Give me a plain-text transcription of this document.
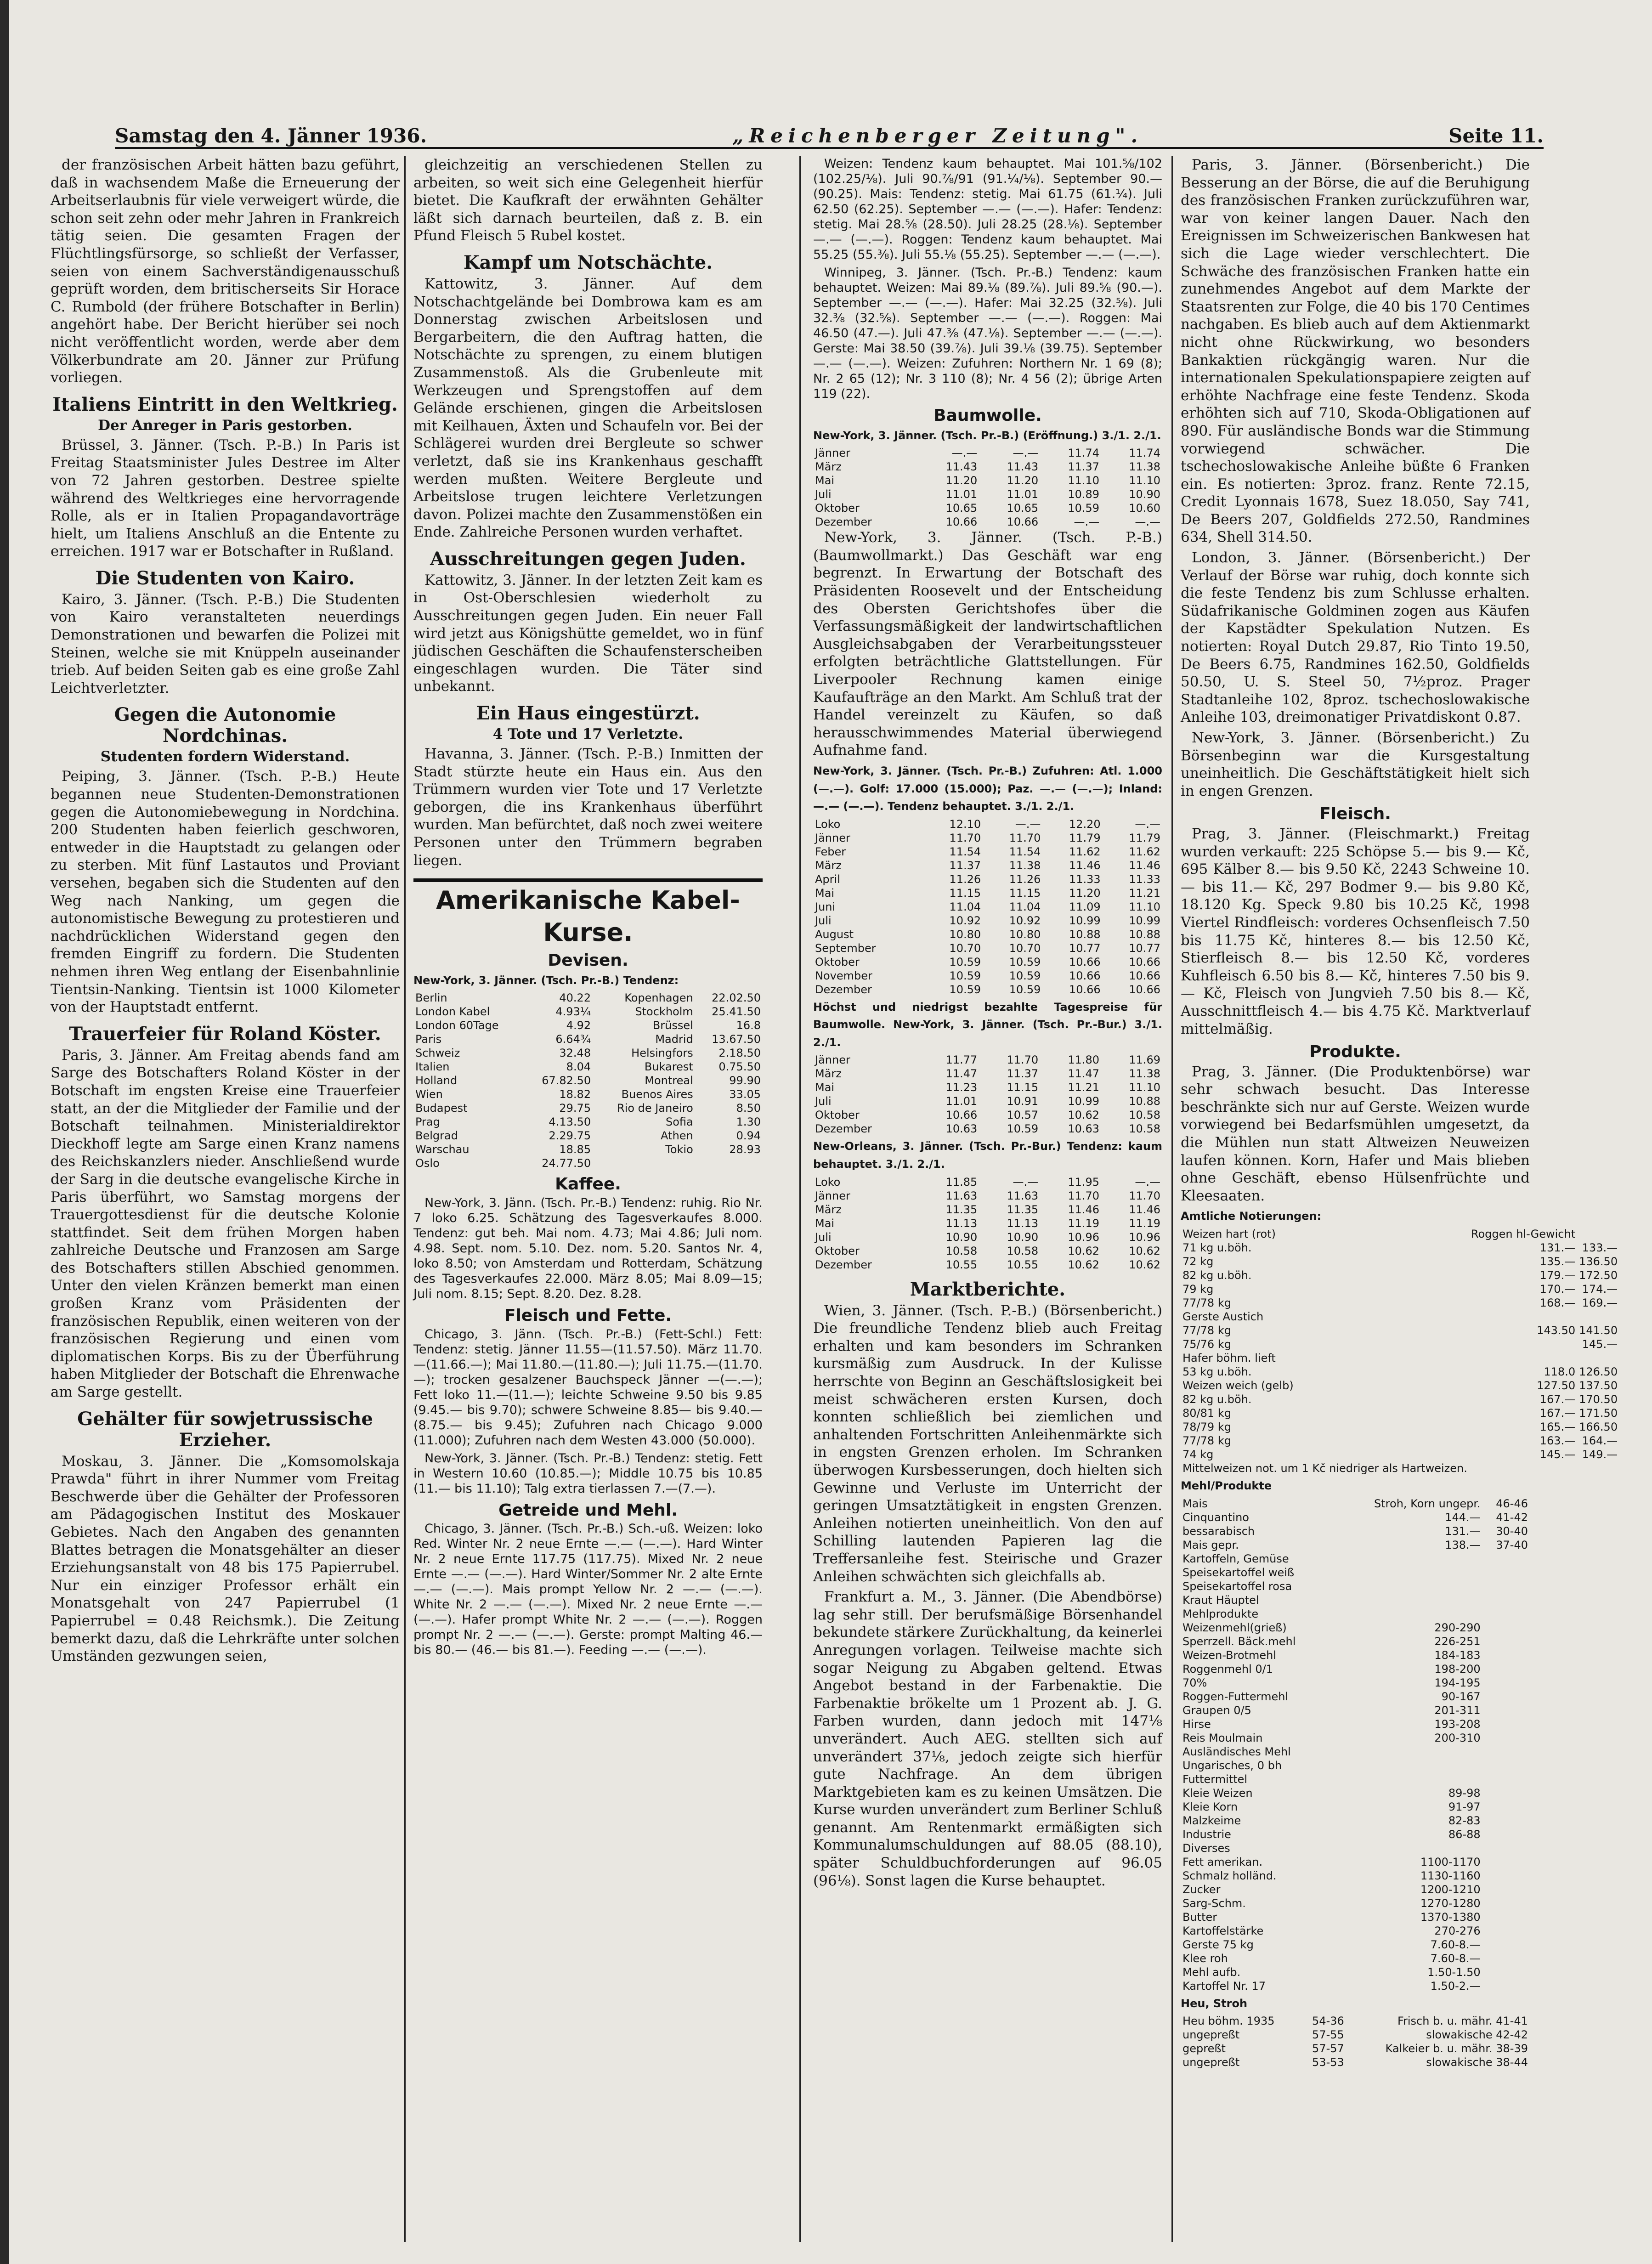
Samstag den 4. Jänner 1936.	„Reichenberger Zeitung".	Seite 11.

der französischen Arbeit hätten bazu geführt, daß in wachsendem Maße die Erneuerung der Arbeitserlaubnis für viele verweigert würde, die schon seit zehn oder mehr Jahren in Frankreich tätig seien. Die gesamten Fragen der Flüchtlingsfürsorge, so schließt der Verfasser, seien von einem Sachverständigenausschuß geprüft worden, dem britischerseits Sir Horace C. Rumbold (der frühere Botschafter in Berlin) angehört habe. Der Bericht hierüber sei noch nicht veröffentlicht worden, werde aber dem Völkerbundrate am 20. Jänner zur Prüfung vorliegen.

Italiens Eintritt in den Weltkrieg.
Der Anreger in Paris gestorben.

Brüssel, 3. Jänner. (Tsch. P.-B.) In Paris ist Freitag Staatsminister Jules Destree im Alter von 72 Jahren gestorben. Destree spielte während des Weltkrieges eine hervorragende Rolle, als er in Italien Propagandavorträge hielt, um Italiens Anschluß an die Entente zu erreichen. 1917 war er Botschafter in Rußland.

Die Studenten von Kairo.

Kairo, 3. Jänner. (Tsch. P.-B.) Die Studenten von Kairo veranstalteten neuerdings Demonstrationen und bewarfen die Polizei mit Steinen, welche sie mit Knüppeln auseinander trieb. Auf beiden Seiten gab es eine große Zahl Leichtverletzter.

Gegen die Autonomie Nordchinas.
Studenten fordern Widerstand.

Peiping, 3. Jänner. (Tsch. P.-B.) Heute begannen neue Studenten-Demonstrationen gegen die Autonomiebewegung in Nordchina. 200 Studenten haben feierlich geschworen, entweder in die Hauptstadt zu gelangen oder zu sterben. Mit fünf Lastautos und Proviant versehen, begaben sich die Studenten auf den Weg nach Nanking, um gegen die autonomistische Bewegung zu protestieren und nachdrücklichen Widerstand gegen den fremden Eingriff zu fordern. Die Studenten nehmen ihren Weg entlang der Eisenbahnlinie Tientsin-Nanking. Tientsin ist 1000 Kilometer von der Hauptstadt entfernt.

Trauerfeier für Roland Köster.

Paris, 3. Jänner. Am Freitag abends fand am Sarge des Botschafters Roland Köster in der Botschaft im engsten Kreise eine Trauerfeier statt, an der die Mitglieder der Familie und der Botschaft teilnahmen. Ministerialdirektor Dieckhoff legte am Sarge einen Kranz namens des Reichskanzlers nieder. Anschließend wurde der Sarg in die deutsche evangelische Kirche in Paris überführt, wo Samstag morgens der Trauergottesdienst für die deutsche Kolonie stattfindet. Seit dem frühen Morgen haben zahlreiche Deutsche und Franzosen am Sarge des Botschafters stillen Abschied genommen. Unter den vielen Kränzen bemerkt man einen großen Kranz vom Präsidenten der französischen Republik, einen weiteren von der französischen Regierung und einen vom diplomatischen Korps. Bis zu der Überführung haben Mitglieder der Botschaft die Ehrenwache am Sarge gestellt.

Gehälter für sowjetrussische Erzieher.

Moskau, 3. Jänner. Die „Komsomolskaja Prawda" führt in ihrer Nummer vom Freitag Beschwerde über die Gehälter der Professoren am Pädagogischen Institut des Moskauer Gebietes. Nach den Angaben des genannten Blattes betragen die Monatsgehälter an dieser Erziehungsanstalt von 48 bis 175 Papierrubel. Nur ein einziger Professor erhält ein Monatsgehalt von 247 Papierrubel (1 Papierrubel = 0.48 Reichsmk.). Die Zeitung bemerkt dazu, daß die Lehrkräfte unter solchen Umständen gezwungen seien,

gleichzeitig an verschiedenen Stellen zu arbeiten, so weit sich eine Gelegenheit hierfür bietet. Die Kaufkraft der erwähnten Gehälter läßt sich darnach beurteilen, daß z. B. ein Pfund Fleisch 5 Rubel kostet.

Kampf um Notschächte.

Kattowitz, 3. Jänner. Auf dem Notschachtgelände bei Dombrowa kam es am Donnerstag zwischen Arbeitslosen und Bergarbeitern, die den Auftrag hatten, die Notschächte zu sprengen, zu einem blutigen Zusammenstoß. Als die Grubenleute mit Werkzeugen und Sprengstoffen auf dem Gelände erschienen, gingen die Arbeitslosen mit Keilhauen, Äxten und Schaufeln vor. Bei der Schlägerei wurden drei Bergleute so schwer verletzt, daß sie ins Krankenhaus geschafft werden mußten. Weitere Bergleute und Arbeitslose trugen leichtere Verletzungen davon. Polizei machte den Zusammenstößen ein Ende. Zahlreiche Personen wurden verhaftet.

Ausschreitungen gegen Juden.

Kattowitz, 3. Jänner. In der letzten Zeit kam es in Ost-Oberschlesien wiederholt zu Ausschreitungen gegen Juden. Ein neuer Fall wird jetzt aus Königshütte gemeldet, wo in fünf jüdischen Geschäften die Schaufensterscheiben eingeschlagen wurden. Die Täter sind unbekannt.

Ein Haus eingestürzt.
4 Tote und 17 Verletzte.

Havanna, 3. Jänner. (Tsch. P.-B.) Inmitten der Stadt stürzte heute ein Haus ein. Aus den Trümmern wurden vier Tote und 17 Verletzte geborgen, die ins Krankenhaus überführt wurden. Man befürchtet, daß noch zwei weitere Personen unter den Trümmern begraben liegen.

Amerikanische Kabel-
Kurse.
Devisen.
New-York, 3. Jänner. (Tsch. Pr.-B.) Tendenz:
Berlin	40.22	Kopenhagen	22.02.50
London Kabel	4.93¼	Stockholm	25.41.50
London 60Tage	4.92	Brüssel	16.8
Paris	6.64¾	Madrid	13.67.50
Schweiz	32.48	Helsingfors	2.18.50
Italien	8.04	Bukarest	0.75.50
Holland	67.82.50	Montreal	99.90
Wien	18.82	Buenos Aires	33.05
Budapest	29.75	Rio de Janeiro	8.50
Prag	4.13.50	Sofia	1.30
Belgrad	2.29.75	Athen	0.94
Warschau	18.85	Tokio	28.93
Oslo	24.77.50		
Kaffee.

New-York, 3. Jänn. (Tsch. Pr.-B.) Tendenz: ruhig. Rio Nr. 7 loko 6.25. Schätzung des Tagesverkaufes 8.000. Tendenz: gut beh. Mai nom. 4.73; Mai 4.86; Juli nom. 4.98. Sept. nom. 5.10. Dez. nom. 5.20. Santos Nr. 4, loko 8.50; von Amsterdam und Rotterdam, Schätzung des Tagesverkaufes 22.000. März 8.05; Mai 8.09—15; Juli nom. 8.15; Sept. 8.20. Dez. 8.28.

Fleisch und Fette.

Chicago, 3. Jänn. (Tsch. Pr.-B.) (Fett-Schl.) Fett: Tendenz: stetig. Jänner 11.55—(11.57.50). März 11.70.—(11.66.—); Mai 11.80.—(11.80.—); Juli 11.75.—(11.70.—); trocken gesalzener Bauchspeck Jänner —(—.—); Fett loko 11.—(11.—); leichte Schweine 9.50 bis 9.85 (9.45.— bis 9.70); schwere Schweine 8.85— bis 9.40.—(8.75.— bis 9.45); Zufuhren nach Chicago 9.000 (11.000); Zufuhren nach dem Westen 43.000 (50.000).

New-York, 3. Jänner. (Tsch. Pr.-B.) Tendenz: stetig. Fett in Western 10.60 (10.85.—); Middle 10.75 bis 10.85 (11.— bis 11.10); Talg extra tierlassen 7.—(7.—).

Getreide und Mehl.

Chicago, 3. Jänner. (Tsch. Pr.-B.) Sch.-uß. Weizen: loko Red. Winter Nr. 2 neue Ernte —.— (—.—). Hard Winter Nr. 2 neue Ernte 117.75 (117.75). Mixed Nr. 2 neue Ernte —.— (—.—). Hard Winter/Sommer Nr. 2 alte Ernte —.— (—.—). Mais prompt Yellow Nr. 2 —.— (—.—). White Nr. 2 —.— (—.—). Mixed Nr. 2 neue Ernte —.— (—.—). Hafer prompt White Nr. 2 —.— (—.—). Roggen prompt Nr. 2 —.— (—.—). Gerste: prompt Malting 46.— bis 80.— (46.— bis 81.—). Feeding —.— (—.—).

Weizen: Tendenz kaum behauptet. Mai 101.⅝/102 (102.25/⅛). Juli 90.⅞/91 (91.¼/⅛). September 90.— (90.25). Mais: Tendenz: stetig. Mai 61.75 (61.¼). Juli 62.50 (62.25). September —.— (—.—). Hafer: Tendenz: stetig. Mai 28.⅝ (28.50). Juli 28.25 (28.⅛). September —.— (—.—). Roggen: Tendenz kaum behauptet. Mai 55.25 (55.⅜). Juli 55.⅛ (55.25). September —.— (—.—).

Winnipeg, 3. Jänner. (Tsch. Pr.-B.) Tendenz: kaum behauptet. Weizen: Mai 89.⅛ (89.⅞). Juli 89.⅝ (90.—). September —.— (—.—). Hafer: Mai 32.25 (32.⅝). Juli 32.⅜ (32.⅝). September —.— (—.—). Roggen: Mai 46.50 (47.—). Juli 47.⅜ (47.⅛). September —.— (—.—). Gerste: Mai 38.50 (39.⅞). Juli 39.⅛ (39.75). September —.— (—.—). Weizen: Zufuhren: Northern Nr. 1 69 (8); Nr. 2 65 (12); Nr. 3 110 (8); Nr. 4 56 (2); übrige Arten 119 (22).

Baumwolle.
New-York, 3. Jänner. (Tsch. Pr.-B.) (Eröffnung.) 3./1. 2./1.
Jänner	—.—	—.—	11.74	11.74
März	11.43	11.43	11.37	11.38
Mai	11.20	11.20	11.10	11.10
Juli	11.01	11.01	10.89	10.90
Oktober	10.65	10.65	10.59	10.60
Dezember	10.66	10.66	—.—	—.—

New-York, 3. Jänner. (Tsch. P.-B.) (Baumwollmarkt.) Das Geschäft war eng begrenzt. In Erwartung der Botschaft des Präsidenten Roosevelt und der Entscheidung des Obersten Gerichtshofes über die Verfassungsmäßigkeit der landwirtschaftlichen Ausgleichsabgaben der Verarbeitungssteuer erfolgten beträchtliche Glattstellungen. Für Liverpooler Rechnung kamen einige Kaufaufträge an den Markt. Am Schluß trat der Handel vereinzelt zu Käufen, so daß herausschwimmendes Material überwiegend Aufnahme fand.

New-York, 3. Jänner. (Tsch. Pr.-B.) Zufuhren: Atl. 1.000 (—.—). Golf: 17.000 (15.000); Paz. —.— (—.—); Inland: —.— (—.—). Tendenz behauptet. 3./1. 2./1.
Loko	12.10	—.—	12.20	—.—
Jänner	11.70	11.70	11.79	11.79
Feber	11.54	11.54	11.62	11.62
März	11.37	11.38	11.46	11.46
April	11.26	11.26	11.33	11.33
Mai	11.15	11.15	11.20	11.21
Juni	11.04	11.04	11.09	11.10
Juli	10.92	10.92	10.99	10.99
August	10.80	10.80	10.88	10.88
September	10.70	10.70	10.77	10.77
Oktober	10.59	10.59	10.66	10.66
November	10.59	10.59	10.66	10.66
Dezember	10.59	10.59	10.66	10.66
Höchst und niedrigst bezahlte Tagespreise für Baumwolle. New-York, 3. Jänner. (Tsch. Pr.-Bur.) 3./1. 2./1.
Jänner	11.77	11.70	11.80	11.69
März	11.47	11.37	11.47	11.38
Mai	11.23	11.15	11.21	11.10
Juli	11.01	10.91	10.99	10.88
Oktober	10.66	10.57	10.62	10.58
Dezember	10.63	10.59	10.63	10.58
New-Orleans, 3. Jänner. (Tsch. Pr.-Bur.) Tendenz: kaum behauptet. 3./1. 2./1.
Loko	11.85	—.—	11.95	—.—
Jänner	11.63	11.63	11.70	11.70
März	11.35	11.35	11.46	11.46
Mai	11.13	11.13	11.19	11.19
Juli	10.90	10.90	10.96	10.96
Oktober	10.58	10.58	10.62	10.62
Dezember	10.55	10.55	10.62	10.62
Marktberichte.

Wien, 3. Jänner. (Tsch. P.-B.) (Börsenbericht.) Die freundliche Tendenz blieb auch Freitag erhalten und kam besonders im Schranken kursmäßig zum Ausdruck. In der Kulisse herrschte von Beginn an Geschäftslosigkeit bei meist schwächeren ersten Kursen, doch konnten schließlich bei ziemlichen und anhaltenden Fortschritten Anleihenmärkte sich in engsten Grenzen erholen. Im Schranken überwogen Kursbesserungen, doch hielten sich Gewinne und Verluste im Unterricht der geringen Umsatztätigkeit in engsten Grenzen. Anleihen notierten uneinheitlich. Von den auf Schilling lautenden Papieren lag die Treffersanleihe fest. Steirische und Grazer Anleihen schwächten sich gleichfalls ab.

Frankfurt a. M., 3. Jänner. (Die Abendbörse) lag sehr still. Der berufsmäßige Börsenhandel bekundete stärkere Zurückhaltung, da keinerlei Anregungen vorlagen. Teilweise machte sich sogar Neigung zu Abgaben geltend. Etwas Angebot bestand in der Farbenaktie. Die Farbenaktie brökelte um 1 Prozent ab. J. G. Farben wurden, dann jedoch mit 147⅛ unverändert. Auch AEG. stellten sich auf unverändert 37⅛, jedoch zeigte sich hierfür gute Nachfrage. An dem übrigen Marktgebieten kam es zu keinen Umsätzen. Die Kurse wurden unverändert zum Berliner Schluß genannt. Am Rentenmarkt ermäßigten sich Kommunalumschuldungen auf 88.05 (88.10), später Schuldbuchforderungen auf 96.05 (96⅛). Sonst lagen die Kurse behauptet.

Paris, 3. Jänner. (Börsenbericht.) Die Besserung an der Börse, die auf die Beruhigung des französischen Franken zurückzuführen war, war von keiner langen Dauer. Nach den Ereignissen im Schweizerischen Bankwesen hat sich die Lage wieder verschlechtert. Die Schwäche des französischen Franken hatte ein zunehmendes Angebot auf dem Markte der Staatsrenten zur Folge, die 40 bis 170 Centimes nachgaben. Es blieb auch auf dem Aktienmarkt nicht ohne Rückwirkung, wo besonders Bankaktien rückgängig waren. Nur die internationalen Spekulationspapiere zeigten auf erhöhte Nachfrage eine feste Tendenz. Skoda erhöhten sich auf 710, Skoda-Obligationen auf 890. Für ausländische Bonds war die Stimmung vorwiegend schwächer. Die tschechoslowakische Anleihe büßte 6 Franken ein. Es notierten: 3proz. franz. Rente 72.15, Credit Lyonnais 1678, Suez 18.050, Say 741, De Beers 207, Goldfields 272.50, Randmines 634, Shell 314.50.

London, 3. Jänner. (Börsenbericht.) Der Verlauf der Börse war ruhig, doch konnte sich die feste Tendenz bis zum Schlusse erhalten. Südafrikanische Goldminen zogen aus Käufen der Kapstädter Spekulation Nutzen. Es notierten: Royal Dutch 29.87, Rio Tinto 19.50, De Beers 6.75, Randmines 162.50, Goldfields 50.50, U. S. Steel 50, 7½proz. Prager Stadtanleihe 102, 8proz. tschechoslowakische Anleihe 103, dreimonatiger Privatdiskont 0.87.

New-York, 3. Jänner. (Börsenbericht.) Zu Börsenbeginn war die Kursgestaltung uneinheitlich. Die Geschäftstätigkeit hielt sich in engen Grenzen.

Fleisch.

Prag, 3. Jänner. (Fleischmarkt.) Freitag wurden verkauft: 225 Schöpse 5.— bis 9.— Kč, 695 Kälber 8.— bis 9.50 Kč, 2243 Schweine 10.— bis 11.— Kč, 297 Bodmer 9.— bis 9.80 Kč, 18.120 Kg. Speck 9.80 bis 10.25 Kč, 1998 Viertel Rindfleisch: vorderes Ochsenfleisch 7.50 bis 11.75 Kč, hinteres 8.— bis 12.50 Kč, Stierfleisch 8.— bis 12.50 Kč, vorderes Kuhfleisch 6.50 bis 8.— Kč, hinteres 7.50 bis 9.— Kč, Fleisch von Jungvieh 7.50 bis 8.— Kč, Ausschnittfleisch 4.— bis 4.75 Kč. Marktverlauf mittelmäßig.

Produkte.

Prag, 3. Jänner. (Die Produktenbörse) war sehr schwach besucht. Das Interesse beschränkte sich nur auf Gerste. Weizen wurde vorwiegend bei Bedarfsmühlen umgesetzt, da die Mühlen nun statt Altweizen Neuweizen laufen können. Korn, Hafer und Mais blieben ohne Geschäft, ebenso Hülsenfrüchte und Kleesaaten.

Amtliche Notierungen:
Weizen hart (rot)	Roggen hl-Gewicht	
71 kg u.böh.	131.—	133.—
72 kg	135.—	136.50
82 kg u.böh.	179.—	172.50
79 kg	170.—	174.—
77/78 kg	168.—	169.—
Gerste Austich		
77/78 kg	143.50	141.50
75/76 kg		145.—
Hafer böhm. lieft		
53 kg u.böh.	118.0	126.50
Weizen weich (gelb)	127.50	137.50
82 kg u.böh.	167.—	170.50
80/81 kg	167.—	171.50
78/79 kg	165.—	166.50
77/78 kg	163.—	164.—
74 kg	145.—	149.—
Mittelweizen not. um 1 Kč niedriger als Hartweizen.		
Mehl/Produkte
Mais	Stroh, Korn ungepr.	46-46
Cinquantino	144.—	41-42
bessarabisch	131.—	30-40
Mais gepr.	138.—	37-40
Kartoffeln, Gemüse		
Speisekartoffel weiß		
Speisekartoffel rosa		
Kraut Häuptel		
Mehlprodukte		
Weizenmehl(grieß)	290-290	
Sperrzell. Bäck.mehl	226-251	
Weizen-Brotmehl	184-183	
Roggenmehl 0/1	198-200	
70%	194-195	
Roggen-Futtermehl	90-167	
Graupen 0/5	201-311	
Hirse	193-208	
Reis Moulmain	200-310	
Ausländisches Mehl		
Ungarisches, 0 bh		
Futtermittel		
Kleie Weizen	89-98	
Kleie Korn	91-97	
Malzkeime	82-83	
Industrie	86-88	
Diverses		
Fett amerikan.	1100-1170	
Schmalz holländ.	1130-1160	
Zucker	1200-1210	
Sarg-Schm.	1270-1280	
Butter	1370-1380	
Kartoffelstärke	270-276	
Gerste 75 kg	7.60-8.—	
Klee roh	7.60-8.—	
Mehl aufb.	1.50-1.50	
Kartoffel Nr. 17	1.50-2.—	
Heu, Stroh
Heu böhm. 1935	54-36	Frisch b. u. mähr. 41-41
ungepreßt	57-55	slowakische 42-42
gepreßt	57-57	Kalkeier b. u. mähr. 38-39
ungepreßt	53-53	slowakische 38-44
